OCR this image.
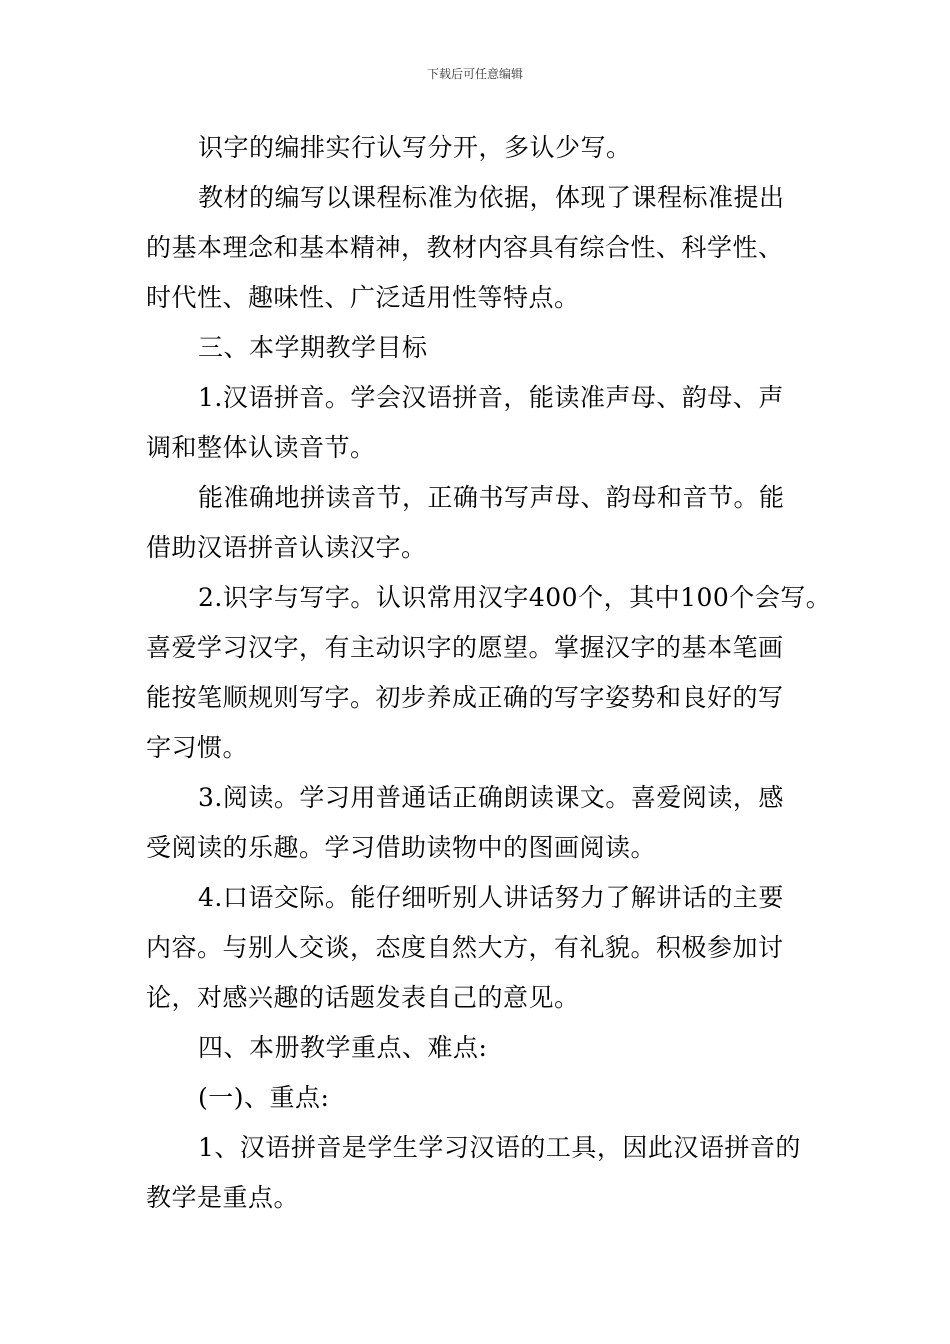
下载后可任意编辑
识字的编排实行认写分开，多认少写。
教材的编写以课程标准为依据，体现了课程标准提出
的基本理念和基本精神，教材内容具有综合性、科学性、
时代性、趣味性、广泛适用性等特点。
三、本学期教学目标
1.汉语拼音。学会汉语拼音，能读准声母、韵母、声
调和整体认读音节。
能准确地拼读音节，正确书写声母、韵母和音节。能
借助汉语拼音认读汉字。
2.识字与写字。认识常用汉字400个，其中100个会写。
喜爱学习汉字，有主动识字的愿望。掌握汉字的基本笔画
能按笔顺规则写字。初步养成正确的写字姿势和良好的写
字习惯。
3.阅读。学习用普通话正确朗读课文。喜爱阅读，感
受阅读的乐趣。学习借助读物中的图画阅读。
4.口语交际。能仔细听别人讲话努力了解讲话的主要
内容。与别人交谈，态度自然大方，有礼貌。积极参加讨
论，对感兴趣的话题发表自己的意见。
四、本册教学重点、难点:
(一)、重点:
1、汉语拼音是学生学习汉语的工具，因此汉语拼音的
教学是重点。
